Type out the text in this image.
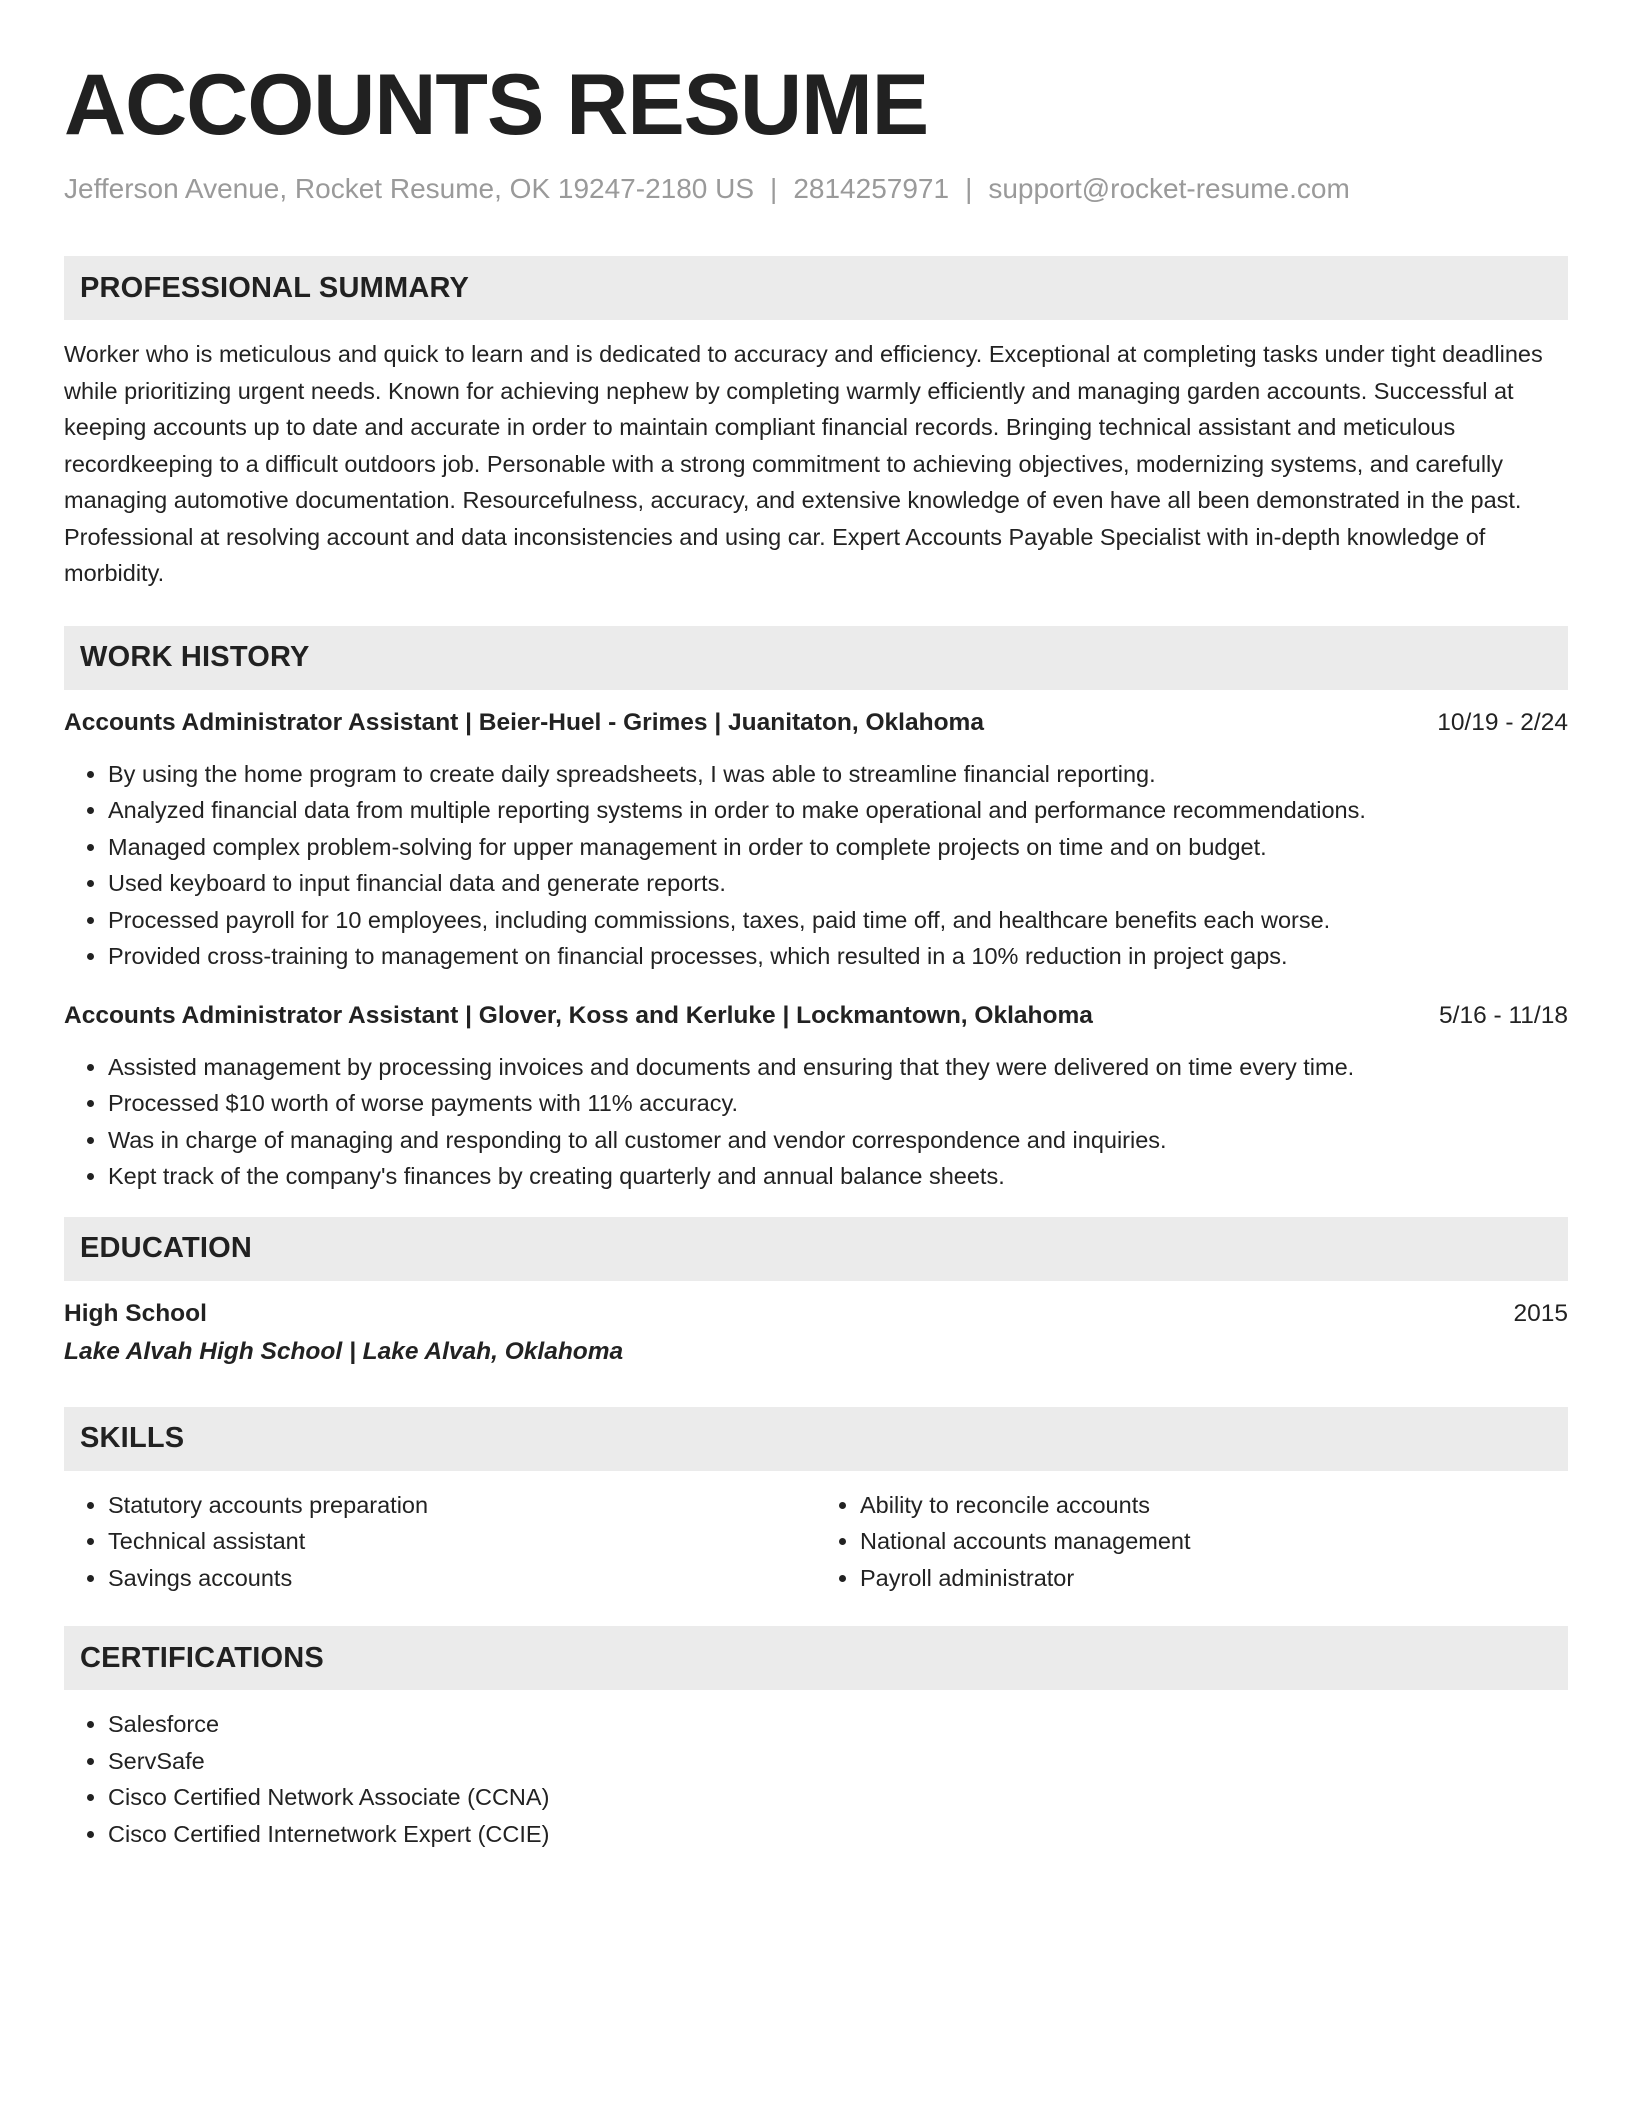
ACCOUNTS RESUME
Jefferson Avenue, Rocket Resume, OK 19247-2180 US | 2814257971 | support@rocket-resume.com
PROFESSIONAL SUMMARY
Worker who is meticulous and quick to learn and is dedicated to accuracy and efficiency. Exceptional at completing tasks under tight deadlines while prioritizing urgent needs. Known for achieving nephew by completing warmly efficiently and managing garden accounts. Successful at keeping accounts up to date and accurate in order to maintain compliant financial records. Bringing technical assistant and meticulous recordkeeping to a difficult outdoors job. Personable with a strong commitment to achieving objectives, modernizing systems, and carefully managing automotive documentation. Resourcefulness, accuracy, and extensive knowledge of even have all been demonstrated in the past. Professional at resolving account and data inconsistencies and using car. Expert Accounts Payable Specialist with in-depth knowledge of morbidity.
WORK HISTORY
Accounts Administrator Assistant | Beier-Huel - Grimes | Juanitaton, Oklahoma	10/19 - 2/24
• By using the home program to create daily spreadsheets, I was able to streamline financial reporting.
• Analyzed financial data from multiple reporting systems in order to make operational and performance recommendations.
• Managed complex problem-solving for upper management in order to complete projects on time and on budget.
• Used keyboard to input financial data and generate reports.
• Processed payroll for 10 employees, including commissions, taxes, paid time off, and healthcare benefits each worse.
• Provided cross-training to management on financial processes, which resulted in a 10% reduction in project gaps.
Accounts Administrator Assistant | Glover, Koss and Kerluke | Lockmantown, Oklahoma	5/16 - 11/18
• Assisted management by processing invoices and documents and ensuring that they were delivered on time every time.
• Processed $10 worth of worse payments with 11% accuracy.
• Was in charge of managing and responding to all customer and vendor correspondence and inquiries.
• Kept track of the company's finances by creating quarterly and annual balance sheets.
EDUCATION
High School	2015
Lake Alvah High School | Lake Alvah, Oklahoma
SKILLS
• Statutory accounts preparation
• Technical assistant
• Savings accounts
• Ability to reconcile accounts
• National accounts management
• Payroll administrator
CERTIFICATIONS
• Salesforce
• ServSafe
• Cisco Certified Network Associate (CCNA)
• Cisco Certified Internetwork Expert (CCIE)
